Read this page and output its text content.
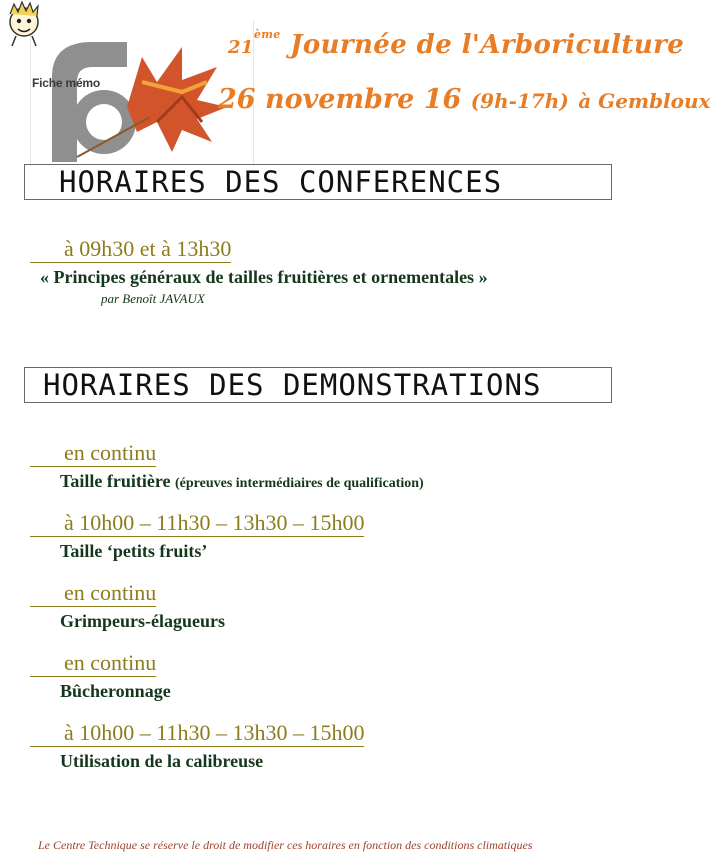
Fiche mémo
21ème Journée de l'Arboriculture
26 novembre 16 (9h-17h) à Gembloux
HORAIRES DES CONFERENCES
à 09h30 et à 13h30
« Principes généraux de tailles fruitières et ornementales »
par Benoît JAVAUX
HORAIRES DES DEMONSTRATIONS
en continu
Taille fruitière (épreuves intermédiaires de qualification)
à 10h00 – 11h30 – 13h30 – 15h00
Taille ‘petits fruits’
en continu
Grimpeurs-élagueurs
en continu
Bûcheronnage
à 10h00 – 11h30 – 13h30 – 15h00
Utilisation de la calibreuse
Le Centre Technique se réserve le droit de modifier ces horaires en fonction des conditions climatiques
